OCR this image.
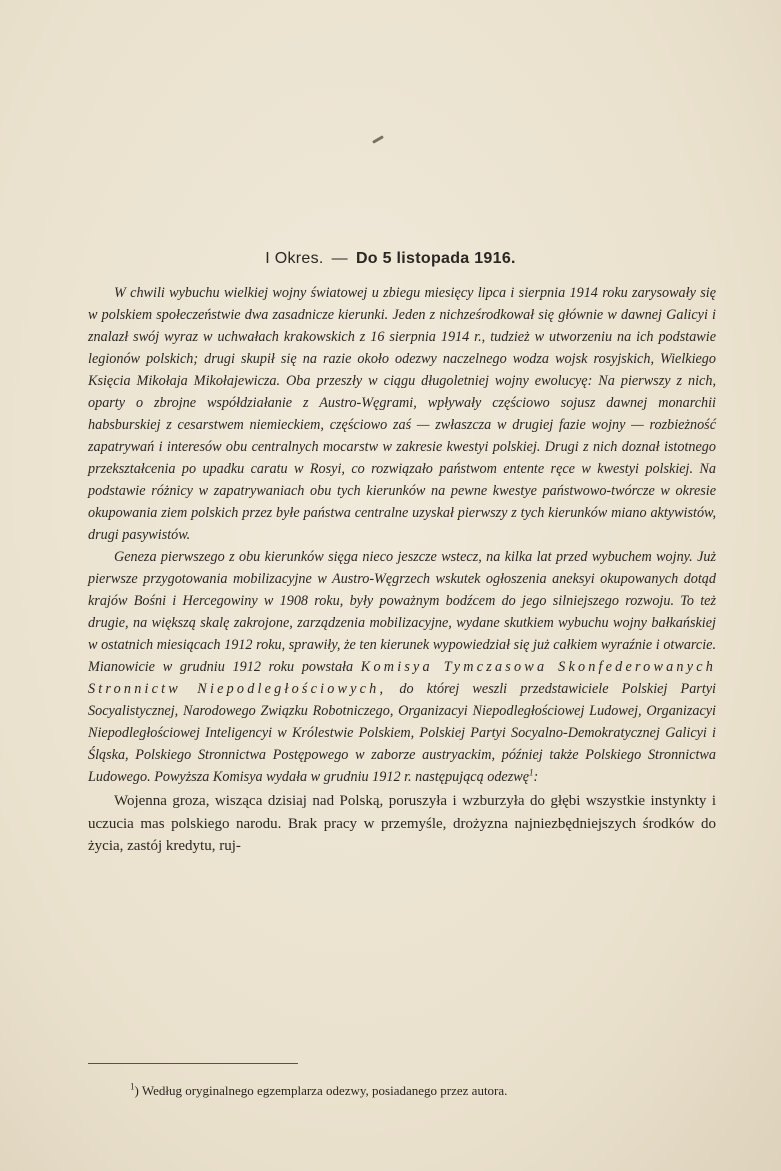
I Okres. — Do 5 listopada 1916.

W chwili wybuchu wielkiej wojny światowej u zbiegu miesięcy lipca i sierpnia 1914 roku zarysowały się w polskiem społeczeństwie dwa zasadnicze kierunki. Jeden z nichześrodkował się głównie w dawnej Galicyi i znalazł swój wyraz w uchwałach krakowskich z 16 sierpnia 1914 r., tudzież w utworzeniu na ich podstawie legionów polskich; drugi skupił się na razie około odezwy naczelnego wodza wojsk rosyjskich, Wielkiego Księcia Mikołaja Mikołajewicza. Oba przeszły w ciągu długoletniej wojny ewolucyę: Na pierwszy z nich, oparty o zbrojne współdziałanie z Austro-Węgrami, wpływały częściowo sojusz dawnej monarchii habsburskiej z cesarstwem niemieckiem, częściowo zaś — zwłaszcza w drugiej fazie wojny — rozbieżność zapatrywań i interesów obu centralnych mocarstw w zakresie kwestyi polskiej. Drugi z nich doznał istotnego przekształcenia po upadku caratu w Rosyi, co rozwiązało państwom entente ręce w kwestyi polskiej. Na podstawie różnicy w zapatrywaniach obu tych kierunków na pewne kwestye państwowo-twórcze w okresie okupowania ziem polskich przez byłe państwa centralne uzyskał pierwszy z tych kierunków miano aktywistów, drugi pasywistów.

Geneza pierwszego z obu kierunków sięga nieco jeszcze wstecz, na kilka lat przed wybuchem wojny. Już pierwsze przygotowania mobilizacyjne w Austro-Węgrzech wskutek ogłoszenia aneksyi okupowanych dotąd krajów Bośni i Hercegowiny w 1908 roku, były poważnym bodźcem do jego silniejszego rozwoju. To też drugie, na większą skalę zakrojone, zarządzenia mobilizacyjne, wydane skutkiem wybuchu wojny bałkańskiej w ostatnich miesiącach 1912 roku, sprawiły, że ten kierunek wypowiedział się już całkiem wyraźnie i otwarcie. Mianowicie w grudniu 1912 roku powstała Komisya Tymczasowa Skonfederowanych Stronnictw Niepodległościowych, do której weszli przedstawiciele Polskiej Partyi Socyalistycznej, Narodowego Związku Robotniczego, Organizacyi Niepodległościowej Ludowej, Organizacyi Niepodległościowej Inteligencyi w Królestwie Polskiem, Polskiej Partyi Socyalno-Demokratycznej Galicyi i Śląska, Polskiego Stronnictwa Postępowego w zaborze austryackim, później także Polskiego Stronnictwa Ludowego. Powyższa Komisya wydała w grudniu 1912 r. następującą odezwę$^1$:

Wojenna groza, wisząca dzisiaj nad Polską, poruszyła i wzburzyła do głębi wszystkie instynkty i uczucia mas polskiego narodu. Brak pracy w przemyśle, drożyzna najniezbędniejszych środków do życia, zastój kredytu, ruj-

$^1$) Według oryginalnego egzemplarza odezwy, posiadanego przez autora.
